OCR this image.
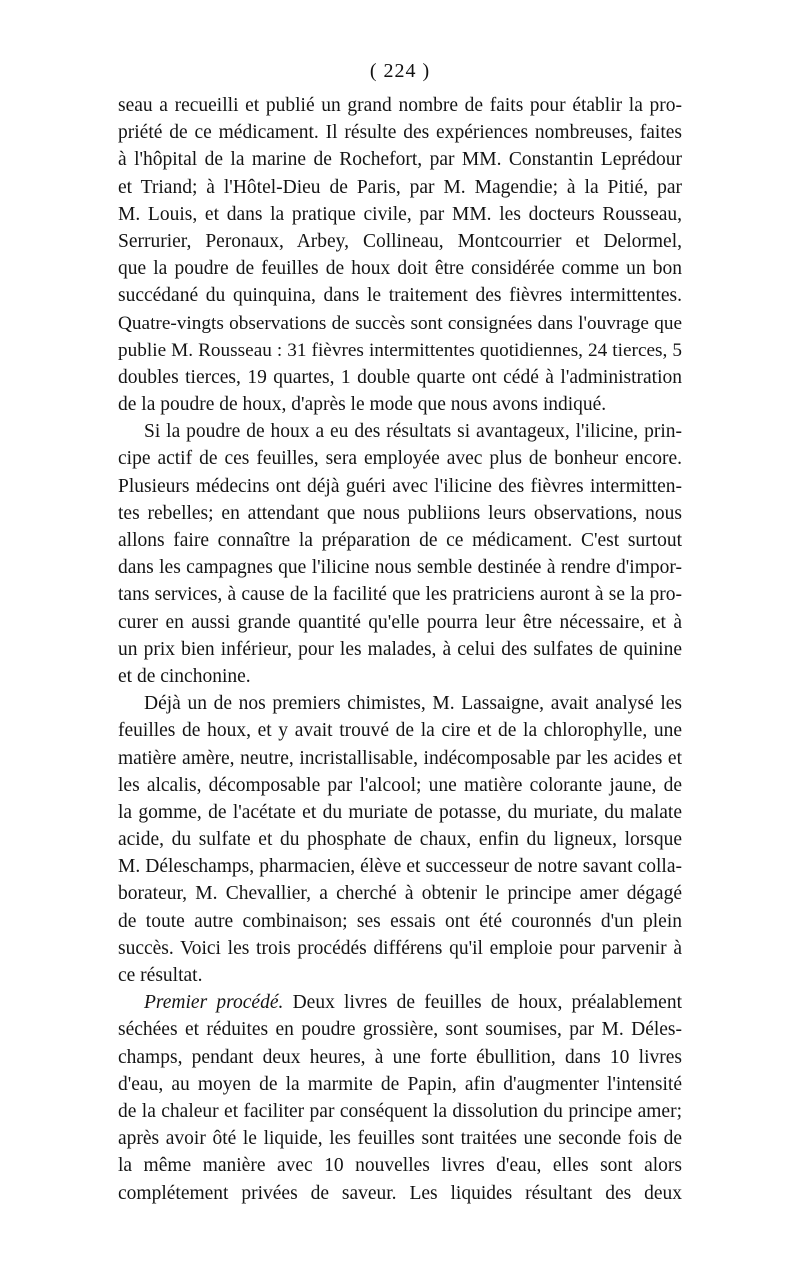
( 224 )
seau a recueilli et publié un grand nombre de faits pour établir la pro-
priété de ce médicament. Il résulte des expériences nombreuses, faites
à l'hôpital de la marine de Rochefort, par MM. Constantin Leprédour
et Triand; à l'Hôtel-Dieu de Paris, par M. Magendie; à la Pitié, par
M. Louis, et dans la pratique civile, par MM. les docteurs Rousseau,
Serrurier, Peronaux, Arbey, Collineau, Montcourrier et Delormel,
que la poudre de feuilles de houx doit être considérée comme un bon
succédané du quinquina, dans le traitement des fièvres intermittentes.
Quatre-vingts observations de succès sont consignées dans l'ouvrage que
publie M. Rousseau : 31 fièvres intermittentes quotidiennes, 24 tierces, 5
doubles tierces, 19 quartes, 1 double quarte ont cédé à l'administration
de la poudre de houx, d'après le mode que nous avons indiqué.
Si la poudre de houx a eu des résultats si avantageux, l'ilicine, prin-
cipe actif de ces feuilles, sera employée avec plus de bonheur encore.
Plusieurs médecins ont déjà guéri avec l'ilicine des fièvres intermitten-
tes rebelles; en attendant que nous publiions leurs observations, nous
allons faire connaître la préparation de ce médicament. C'est surtout
dans les campagnes que l'ilicine nous semble destinée à rendre d'impor-
tans services, à cause de la facilité que les pratriciens auront à se la pro-
curer en aussi grande quantité qu'elle pourra leur être nécessaire, et à
un prix bien inférieur, pour les malades, à celui des sulfates de quinine
et de cinchonine.
Déjà un de nos premiers chimistes, M. Lassaigne, avait analysé les
feuilles de houx, et y avait trouvé de la cire et de la chlorophylle, une
matière amère, neutre, incristallisable, indécomposable par les acides et
les alcalis, décomposable par l'alcool; une matière colorante jaune, de
la gomme, de l'acétate et du muriate de potasse, du muriate, du malate
acide, du sulfate et du phosphate de chaux, enfin du ligneux, lorsque
M. Déleschamps, pharmacien, élève et successeur de notre savant colla-
borateur, M. Chevallier, a cherché à obtenir le principe amer dégagé
de toute autre combinaison; ses essais ont été couronnés d'un plein
succès. Voici les trois procédés différens qu'il emploie pour parvenir à
ce résultat.
Premier procédé. Deux livres de feuilles de houx, préalablement
séchées et réduites en poudre grossière, sont soumises, par M. Déles-
champs, pendant deux heures, à une forte ébullition, dans 10 livres
d'eau, au moyen de la marmite de Papin, afin d'augmenter l'intensité
de la chaleur et faciliter par conséquent la dissolution du principe amer;
après avoir ôté le liquide, les feuilles sont traitées une seconde fois de
la même manière avec 10 nouvelles livres d'eau, elles sont alors
complétement privées de saveur. Les liquides résultant des deux
